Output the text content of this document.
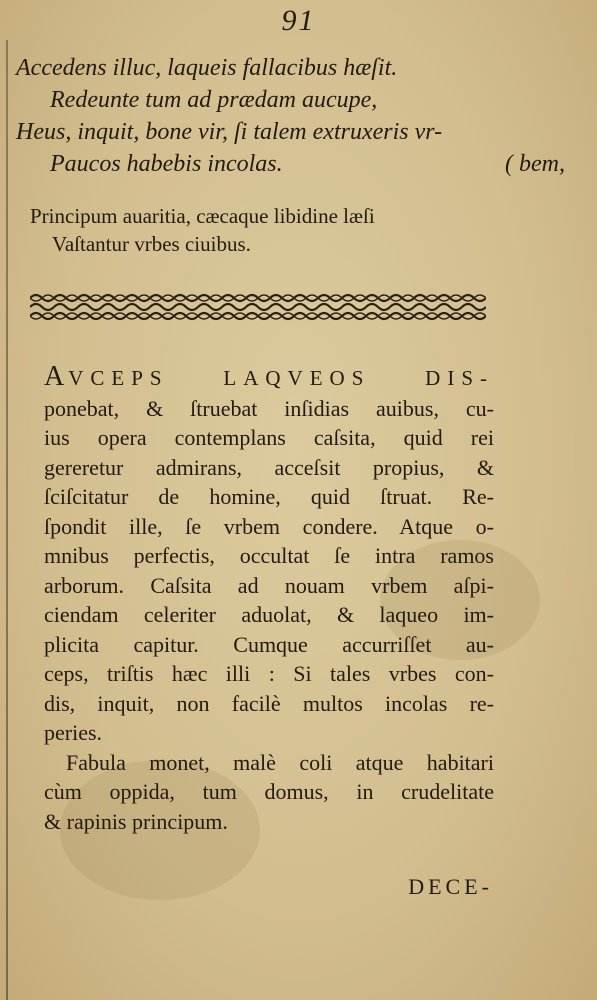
91
Accedens illuc, laqueis fallacibus hæſit.
Redeunte tum ad prædam aucupe,
Heus, inquit, bone vir, ſi talem extruxeris vr-
Paucos habebis incolas.	( bem,
Principum auaritia, cæcaque libidine læſi
Vaſtantur vrbes ciuibus.
AVCEPS LAQVEOS DIS-
ponebat, & ſtruebat inſidias auibus, cu-
ius opera contemplans caſsita, quid rei
gereretur admirans, acceſsit propius, &
ſciſcitatur de homine, quid ſtruat. Re-
ſpondit ille, ſe vrbem condere. Atque o-
mnibus perfectis, occultat ſe intra ramos
arborum. Caſsita ad nouam vrbem aſpi-
ciendam celeriter aduolat, & laqueo im-
plicita capitur. Cumque accurriſſet au-
ceps, triſtis hæc illi : Si tales vrbes con-
dis, inquit, non facilè multos incolas re-
peries.
Fabula monet, malè coli atque habitari
cùm oppida, tum domus, in crudelitate
& rapinis principum.
DECE-
